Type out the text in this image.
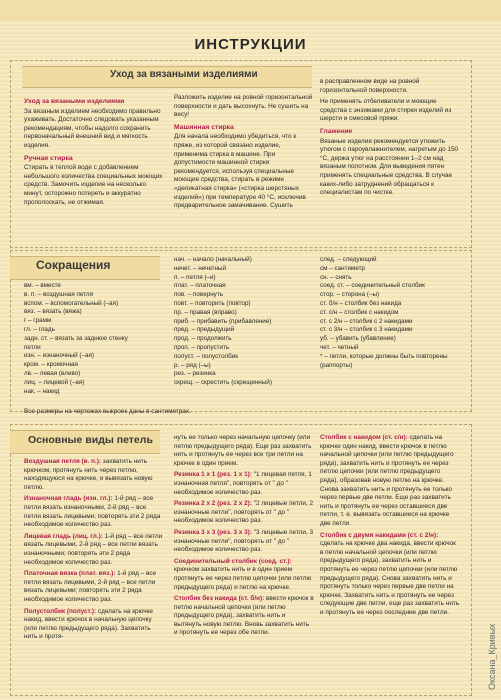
ИНСТРУКЦИИ
Уход за вязаными изделиями
Уход за вязаными изделиями

За вязаным изделием необходимо правильно ухаживать. Достаточно следовать указанным рекомендациям, чтобы надолго сохранить первоначальный внешний вид и мягкость изделия.

Ручная стирка

Стирать в теплой воде с добавлением небольшого количества специальных моющих средств. Замочить изделие на несколько минут, осторожно потереть и аккуратно прополоскать, не отжимая.

Разложить изделие на ровной горизонтальной поверхности и дать высохнуть. Не сушить на весу!

Машинная стирка

Для начала необходимо убедиться, что к пряже, из которой связано изделие, применима стирка в машине. При допустимости машинной стирки рекомендуется, используя специальные моющие средства, стирать в режиме «деликатная стирка» («стирка шерстяных изделий») при температуре 40 °С, исключив предварительное замачивание. Сушить

в расправленном виде на ровной горизонтальной поверхности.

Не применять отбеливатели и моющие средства с энзимами для стирки изделий из шерсти и смесовой пряжи.

Глажение

Вязаные изделия рекомендуется утюжить утюгом с пароувлажнителем, нагретым до 150 °С, держа утюг на расстоянии 1–2 см над вязаным полотном. Для выведения пятен применять специальные средства. В случае каких-либо затруднений обращаться к специалистам по чистке.

Сокращения
вм. – вместе
в. п. – воздушная петля
вспом. – вспомогательный (–ая)
вяз. – вязать (вяжа)
г – грамм
гл. – гладь
задн. ст. – вязать за заднюю стенку
петли
изн. – изнаночный (–ая)
кром. – кромочная
лв. – левая (влево)
лиц. – лицевой (–ая)
нак. – накид
нач. – начало (начальный)
нечет. – нечетный
п. – петля (–и)
плат. – платочная
пов. – повернуть
повт. – повторить (повтор)
пр. – правая (вправо)
приб. – прибавить (прибавление)
пред. – предыдущий
прод. – продолжить
проп. – пропустить
полуст. – полустолбик
р. – ряд (–ы)
рез. – резинка
скрещ. – скрестить (скрещенный)
след. – следующий
см – сантиметр
сн. – снять
соед. ст. – соединительный столбик
стор. – сторона (–ы)
ст. б/н – столбик без накида
ст. с/н – столбик с накидом
ст. с 2/н – столбик с 2 накидами
ст. с 3/н – столбик с 3 накидами
уб. – убавить (убавление)
чет. – четный
* – петли, которые должны быть повторены (раппорты)
Все размеры на чертежах выкроек даны в сантиметрах.
Основные виды петель

Воздушная петля (в. п.): захватить нить крючком, протянуть нить через петлю, находящуюся на крючке, и вывязать новую петлю.

Изнаночная гладь (изн. гл.): 1-й ряд – все петли вязать изнаночными, 2-й ряд – все петли вязать лицевыми; повторять эти 2 ряда необходимое количество раз.

Лицевая гладь (лиц. гл.): 1-й ряд – все петли вязать лицевыми, 2-й ряд – все петли вязать изнаночными; повторять эти 2 ряда необходимое количество раз.

Платочная вязка (плат. вяз.): 1-й ряд – все петли вязать лицевыми, 2-й ряд – все петли вязать лицевыми; повторять эти 2 ряда необходимое количество раз.

Полустолбик (полуст.): сделать на крючке накид, ввести крючок в начальную цепочку (или петлю предыдущего ряда). Захватить нить и протя-

нуть ее только через начальную цепочку (или петлю предыдущего ряда). Еще раз захватить нить и протянуть ее через все три петли на крючке в один прием.

Резинка 1 х 1 (рез. 1 х 1): "1 лицевая петля, 1 изнаночная петля", повторять от " до " необходимое количество раз.

Резинка 2 х 2 (рез. 2 х 2): "2 лицевые петли, 2 изнаночные петли", повторять от " до " необходимое количество раз.

Резинка 3 х 3 (рез. 3 х 3): "3 лицевые петли, 3 изнаночные петли", повторять от " до " необходимое количество раз.

Соединительный столбик (соед. ст.): крючком захватить нить и в один прием протянуть ее через петлю цепочки (или петлю предыдущего ряда) и петлю на крючке.

Столбик без накида (ст. б/н): ввести крючок в петлю начальной цепочки (или петлю предыдущего ряда), захватить нить и вытянуть новую петлю. Вновь захватить нить и протянуть ее через обе петли.

Столбик с накидом (ст. с/н): сделать на крючке один накид, ввести крючок в петлю начальной цепочки (или петлю предыдущего ряда), захватить нить и протянуть ее через петлю цепочки (или петлю предыдущего ряда), образовав новую петлю на крючке. Снова захватить нить и протянуть ее только через первые две петли. Еще раз захватить нить и протянуть ее через оставшиеся две петли, т. е. вывязать оставшиеся на крючке две петли.

Столбик с двумя накидами (ст. с 2/н): сделать на крючке два накида, ввести крючок в петлю начальной цепочки (или петлю предыдущего ряда), захватить нить и протянуть ее через петлю цепочки (или петлю предыдущего ряда). Снова захватить нить и протянуть только через первые две петли на крючке. Захватить нить и протянуть ее через следующие две петли, еще раз захватить нить и протянуть ее через последние две петли.

Оксана_Кривых
